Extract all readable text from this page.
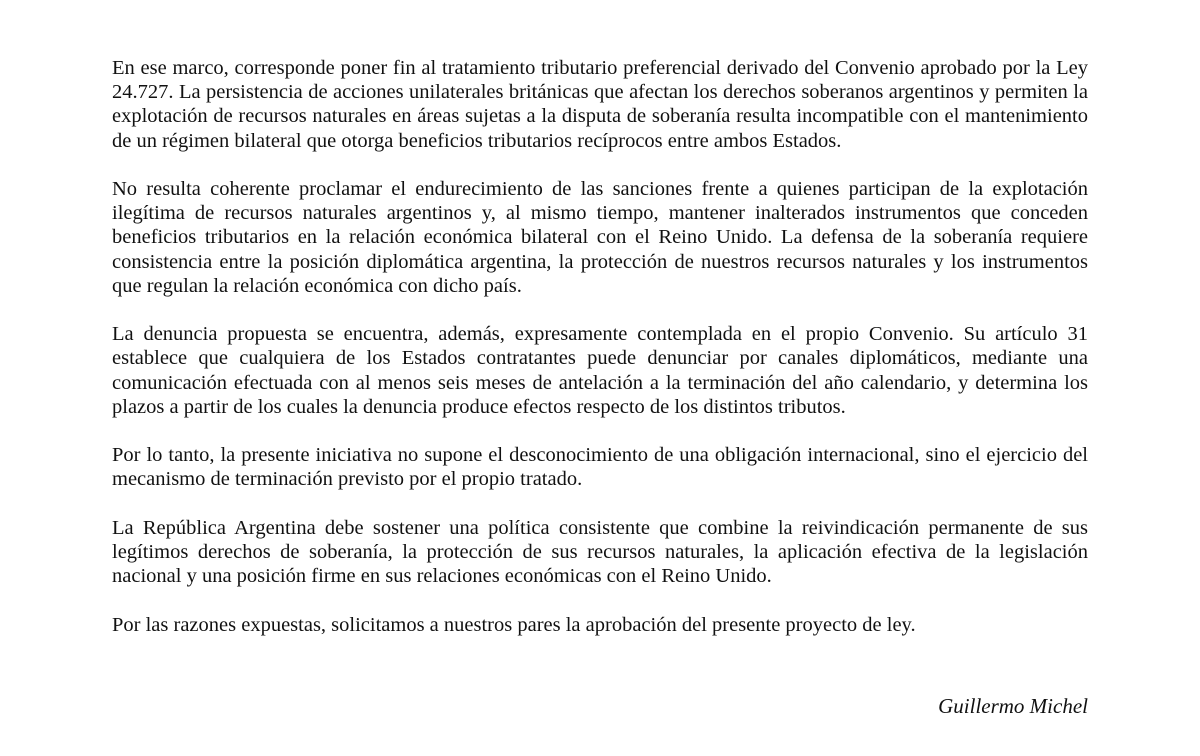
En ese marco, corresponde poner fin al tratamiento tributario preferencial derivado del Convenio aprobado por la Ley 24.727. La persistencia de acciones unilaterales británicas que afectan los derechos soberanos argentinos y permiten la explotación de recursos naturales en áreas sujetas a la disputa de soberanía resulta incompatible con el mantenimiento de un régimen bilateral que otorga beneficios tributarios recíprocos entre ambos Estados.

No resulta coherente proclamar el endurecimiento de las sanciones frente a quienes participan de la explotación ilegítima de recursos naturales argentinos y, al mismo tiempo, mantener inalterados instrumentos que conceden beneficios tributarios en la relación económica bilateral con el Reino Unido. La defensa de la soberanía requiere consistencia entre la posición diplomática argentina, la protección de nuestros recursos naturales y los instrumentos que regulan la relación económica con dicho país.

La denuncia propuesta se encuentra, además, expresamente contemplada en el propio Convenio. Su artículo 31 establece que cualquiera de los Estados contratantes puede denunciar por canales diplomáticos, mediante una comunicación efectuada con al menos seis meses de antelación a la terminación del año calendario, y determina los plazos a partir de los cuales la denuncia produce efectos respecto de los distintos tributos.

Por lo tanto, la presente iniciativa no supone el desconocimiento de una obligación internacional, sino el ejercicio del mecanismo de terminación previsto por el propio tratado.

La República Argentina debe sostener una política consistente que combine la reivindicación permanente de sus legítimos derechos de soberanía, la protección de sus recursos naturales, la aplicación efectiva de la legislación nacional y una posición firme en sus relaciones económicas con el Reino Unido.

Por las razones expuestas, solicitamos a nuestros pares la aprobación del presente proyecto de ley.

Guillermo Michel
